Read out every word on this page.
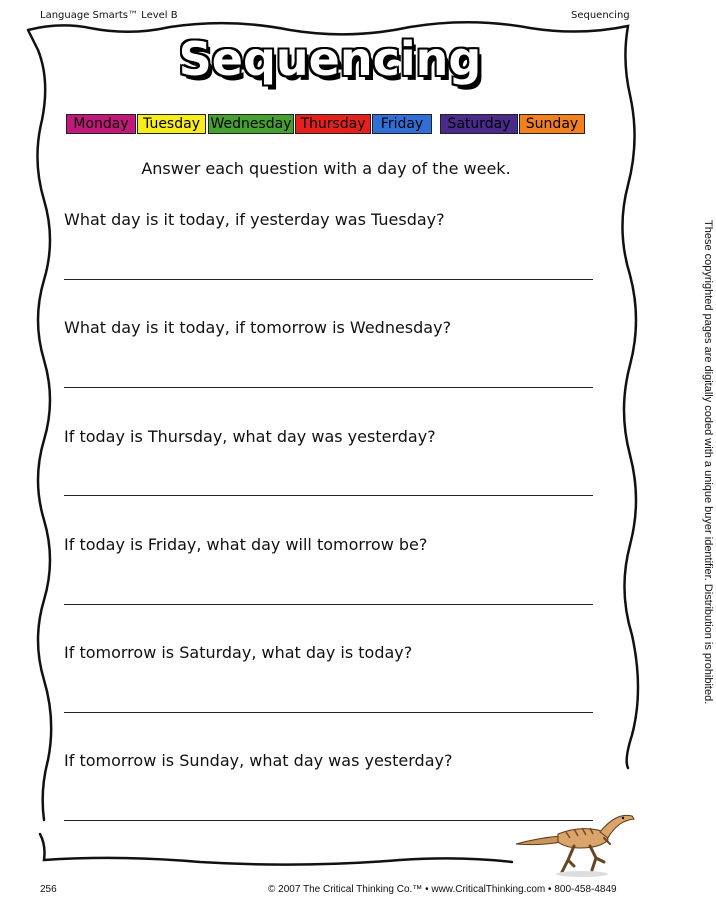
Language Smarts™ Level B	Sequencing
Sequencing
Monday	Tuesday Wednesday Thursday	Friday	Saturday	Sunday
Answer each question with a day of the week.
What day is it today, if yesterday was Tuesday?
What day is it today, if tomorrow is Wednesday?
If today is Thursday, what day was yesterday?
If today is Friday, what day will tomorrow be?
If tomorrow is Saturday, what day is today?
If tomorrow is Sunday, what day was yesterday?
These copyrighted pages are digitally coded with a unique buyer identifier. Distribution is prohibited.
256	© 2007 The Critical Thinking Co.™ • www.CriticalThinking.com • 800-458-4849
